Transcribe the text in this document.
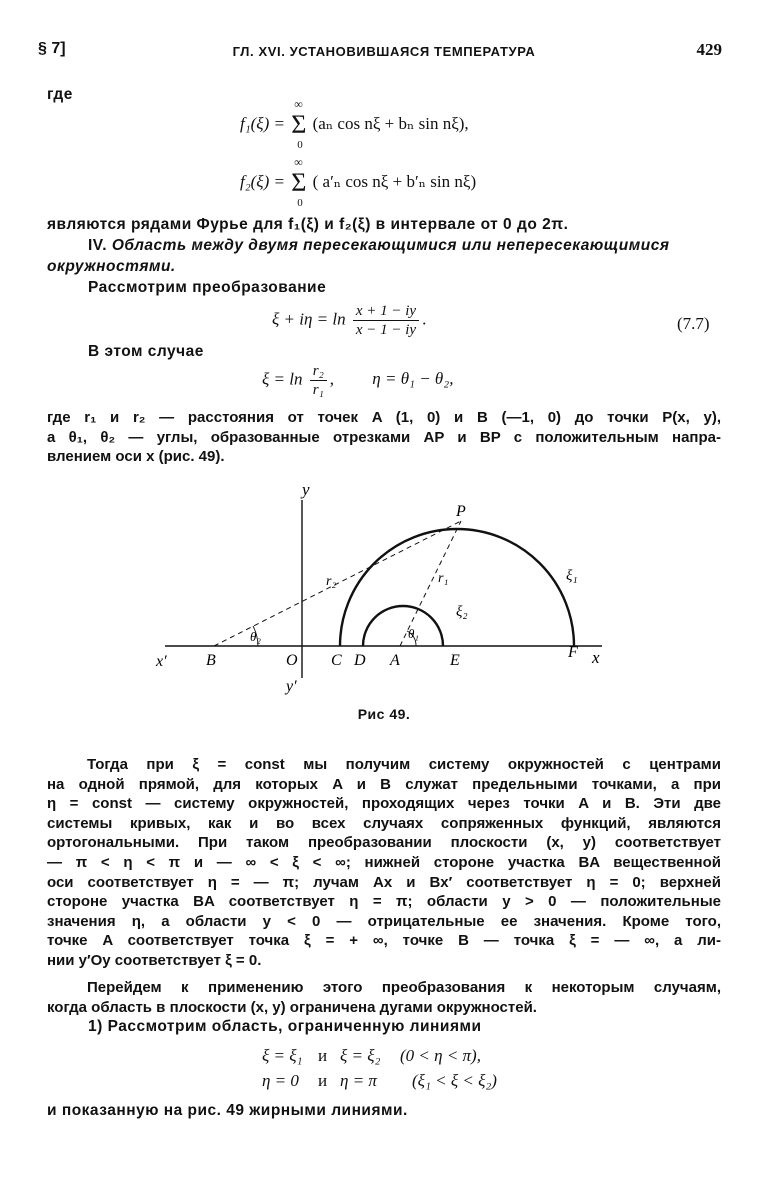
§ 7]	ГЛ. XVI. УСТАНОВИВШАЯСЯ ТЕМПЕРАТУРА	429
где
f₁(ξ) = Σ
∞
0
(aₙ cos nξ + bₙ sin nξ),
f₂(ξ) = Σ
∞
0
( a′ₙ cos nξ + b′ₙ sin nξ)
являются рядами Фурье для f₁(ξ) и f₂(ξ) в интервале от 0 до 2π.
IV. Область между двумя пересекающимися или непересекающимися
окружностями.
Рассмотрим преобразование
$\xi + i\eta = \ln \frac{x + 1 - iy}{x - 1 - iy}$ .	(7.7)
В этом случае
$\xi = \ln \frac{\text{r₂}}{\text{r₁}}$ , η = θ₁ − θ₂,
где r₁ и r₂ — расстояния от точек A (1, 0) и B (—1, 0) до точки P(x, y),
а θ₁, θ₂ — углы, образованные отрезками AP и BP с положительным напра-
влением оси x (рис. 49).
y
y′
x
x′ B	O C D A	E	F
P
r₁
r₂
θ₁
θ₂
ξ₁
ξ₂
Рис 49.
Тогда при ξ = const мы получим систему окружностей с центрами
на одной прямой, для которых A и B служат предельными точками, а при
η = const — систему окружностей, проходящих через точки A и B. Эти две
системы кривых, как и во всех случаях сопряженных функций, являются
ортогональными. При таком преобразовании плоскости (x, y) соответствует
— π < η < π и — ∞ < ξ < ∞; нижней стороне участка BA вещественной
оси соответствует η = — π; лучам Ax и Bx′ соответствует η = 0; верхней
стороне участка BA соответствует η = π; области y > 0 — положительные
значения η, а области y < 0 — отрицательные ее значения. Кроме того,
точке A соответствует точка ξ = + ∞, точке B — точка ξ = — ∞, а ли-
нии y′Oy соответствует ξ = 0.
Перейдем к применению этого преобразования к некоторым случаям,
когда область в плоскости (x, y) ограничена дугами окружностей.
1) Рассмотрим область, ограниченную линиями
ξ = ξ₁ и ξ = ξ₂ (0 < η < π),
η = 0 и η = π (ξ₁ < ξ < ξ₂)
и показанную на рис. 49 жирными линиями.
